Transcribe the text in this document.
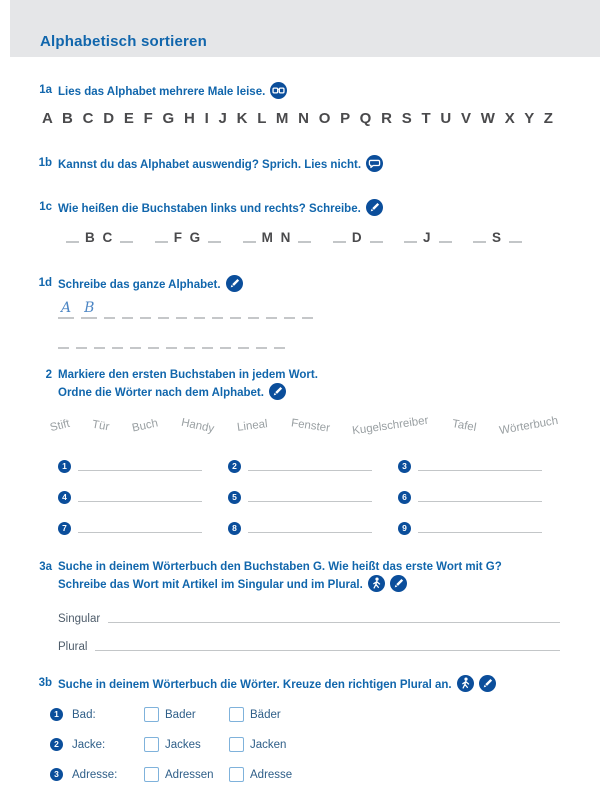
Alphabetisch sortieren
1a Lies das Alphabet mehrere Male leise.
A B C D E F G H I J K L M N O P Q R S T U V W X Y Z
1b Kannst du das Alphabet auswendig? Sprich. Lies nicht.
1c Wie heißen die Buchstaben links und rechts? Schreibe.
B C	F G	M N	D	J	S
1d Schreibe das ganze Alphabet.
A B
2 Markiere den ersten Buchstaben in jedem Wort.
Ordne die Wörter nach dem Alphabet.
Stift Tür Buch Handy Lineal Fenster Kugelschreiber Tafel Wörterbuch
1	2	3
4	5	6
7	8	9
3a Suche in deinem Wörterbuch den Buchstaben G. Wie heißt das erste Wort mit G?
Schreibe das Wort mit Artikel im Singular und im Plural.
Singular
Plural
3b Suche in deinem Wörterbuch die Wörter. Kreuze den richtigen Plural an.
1	Bad:	Bader	Bäder
2	Jacke:	Jackes	Jacken
3	Adresse:	Adressen	Adresse
